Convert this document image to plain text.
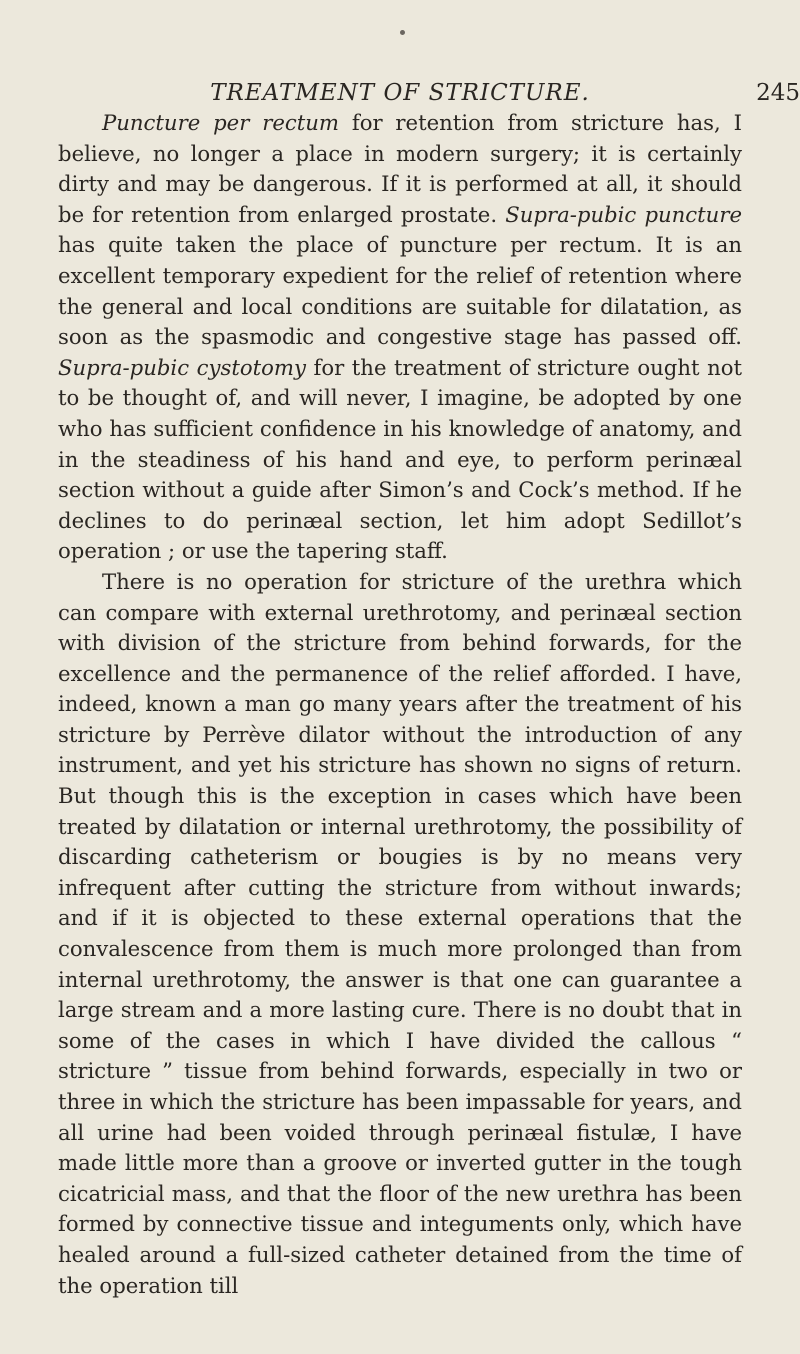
TREATMENT OF STRICTURE.	245

Puncture per rectum for retention from stricture has, I believe, no longer a place in modern surgery; it is certainly dirty and may be dangerous. If it is performed at all, it should be for retention from enlarged prostate. Supra-pubic puncture has quite taken the place of puncture per rectum. It is an excellent temporary expedient for the relief of retention where the general and local conditions are suitable for dilatation, as soon as the spasmodic and congestive stage has passed off. Supra-pubic cystotomy for the treatment of stricture ought not to be thought of, and will never, I imagine, be adopted by one who has sufficient confidence in his knowledge of anatomy, and in the steadiness of his hand and eye, to perform perinæal section without a guide after Simon’s and Cock’s method. If he declines to do perinæal section, let him adopt Sedillot’s operation ; or use the tapering staff.

There is no operation for stricture of the urethra which can compare with external urethrotomy, and perinæal section with division of the stricture from behind forwards, for the excellence and the permanence of the relief afforded. I have, indeed, known a man go many years after the treatment of his stricture by Perrève dilator without the introduction of any instrument, and yet his stricture has shown no signs of return. But though this is the exception in cases which have been treated by dilatation or internal urethrotomy, the possibility of discarding catheterism or bougies is by no means very infrequent after cutting the stricture from without inwards; and if it is objected to these external operations that the convalescence from them is much more prolonged than from internal urethrotomy, the answer is that one can guarantee a large stream and a more lasting cure. There is no doubt that in some of the cases in which I have divided the callous “ stricture ” tissue from behind forwards, especially in two or three in which the stricture has been impassable for years, and all urine had been voided through perinæal fistulæ, I have made little more than a groove or inverted gutter in the tough cicatricial mass, and that the floor of the new urethra has been formed by connective tissue and integuments only, which have healed around a full-sized catheter detained from the time of the operation till
